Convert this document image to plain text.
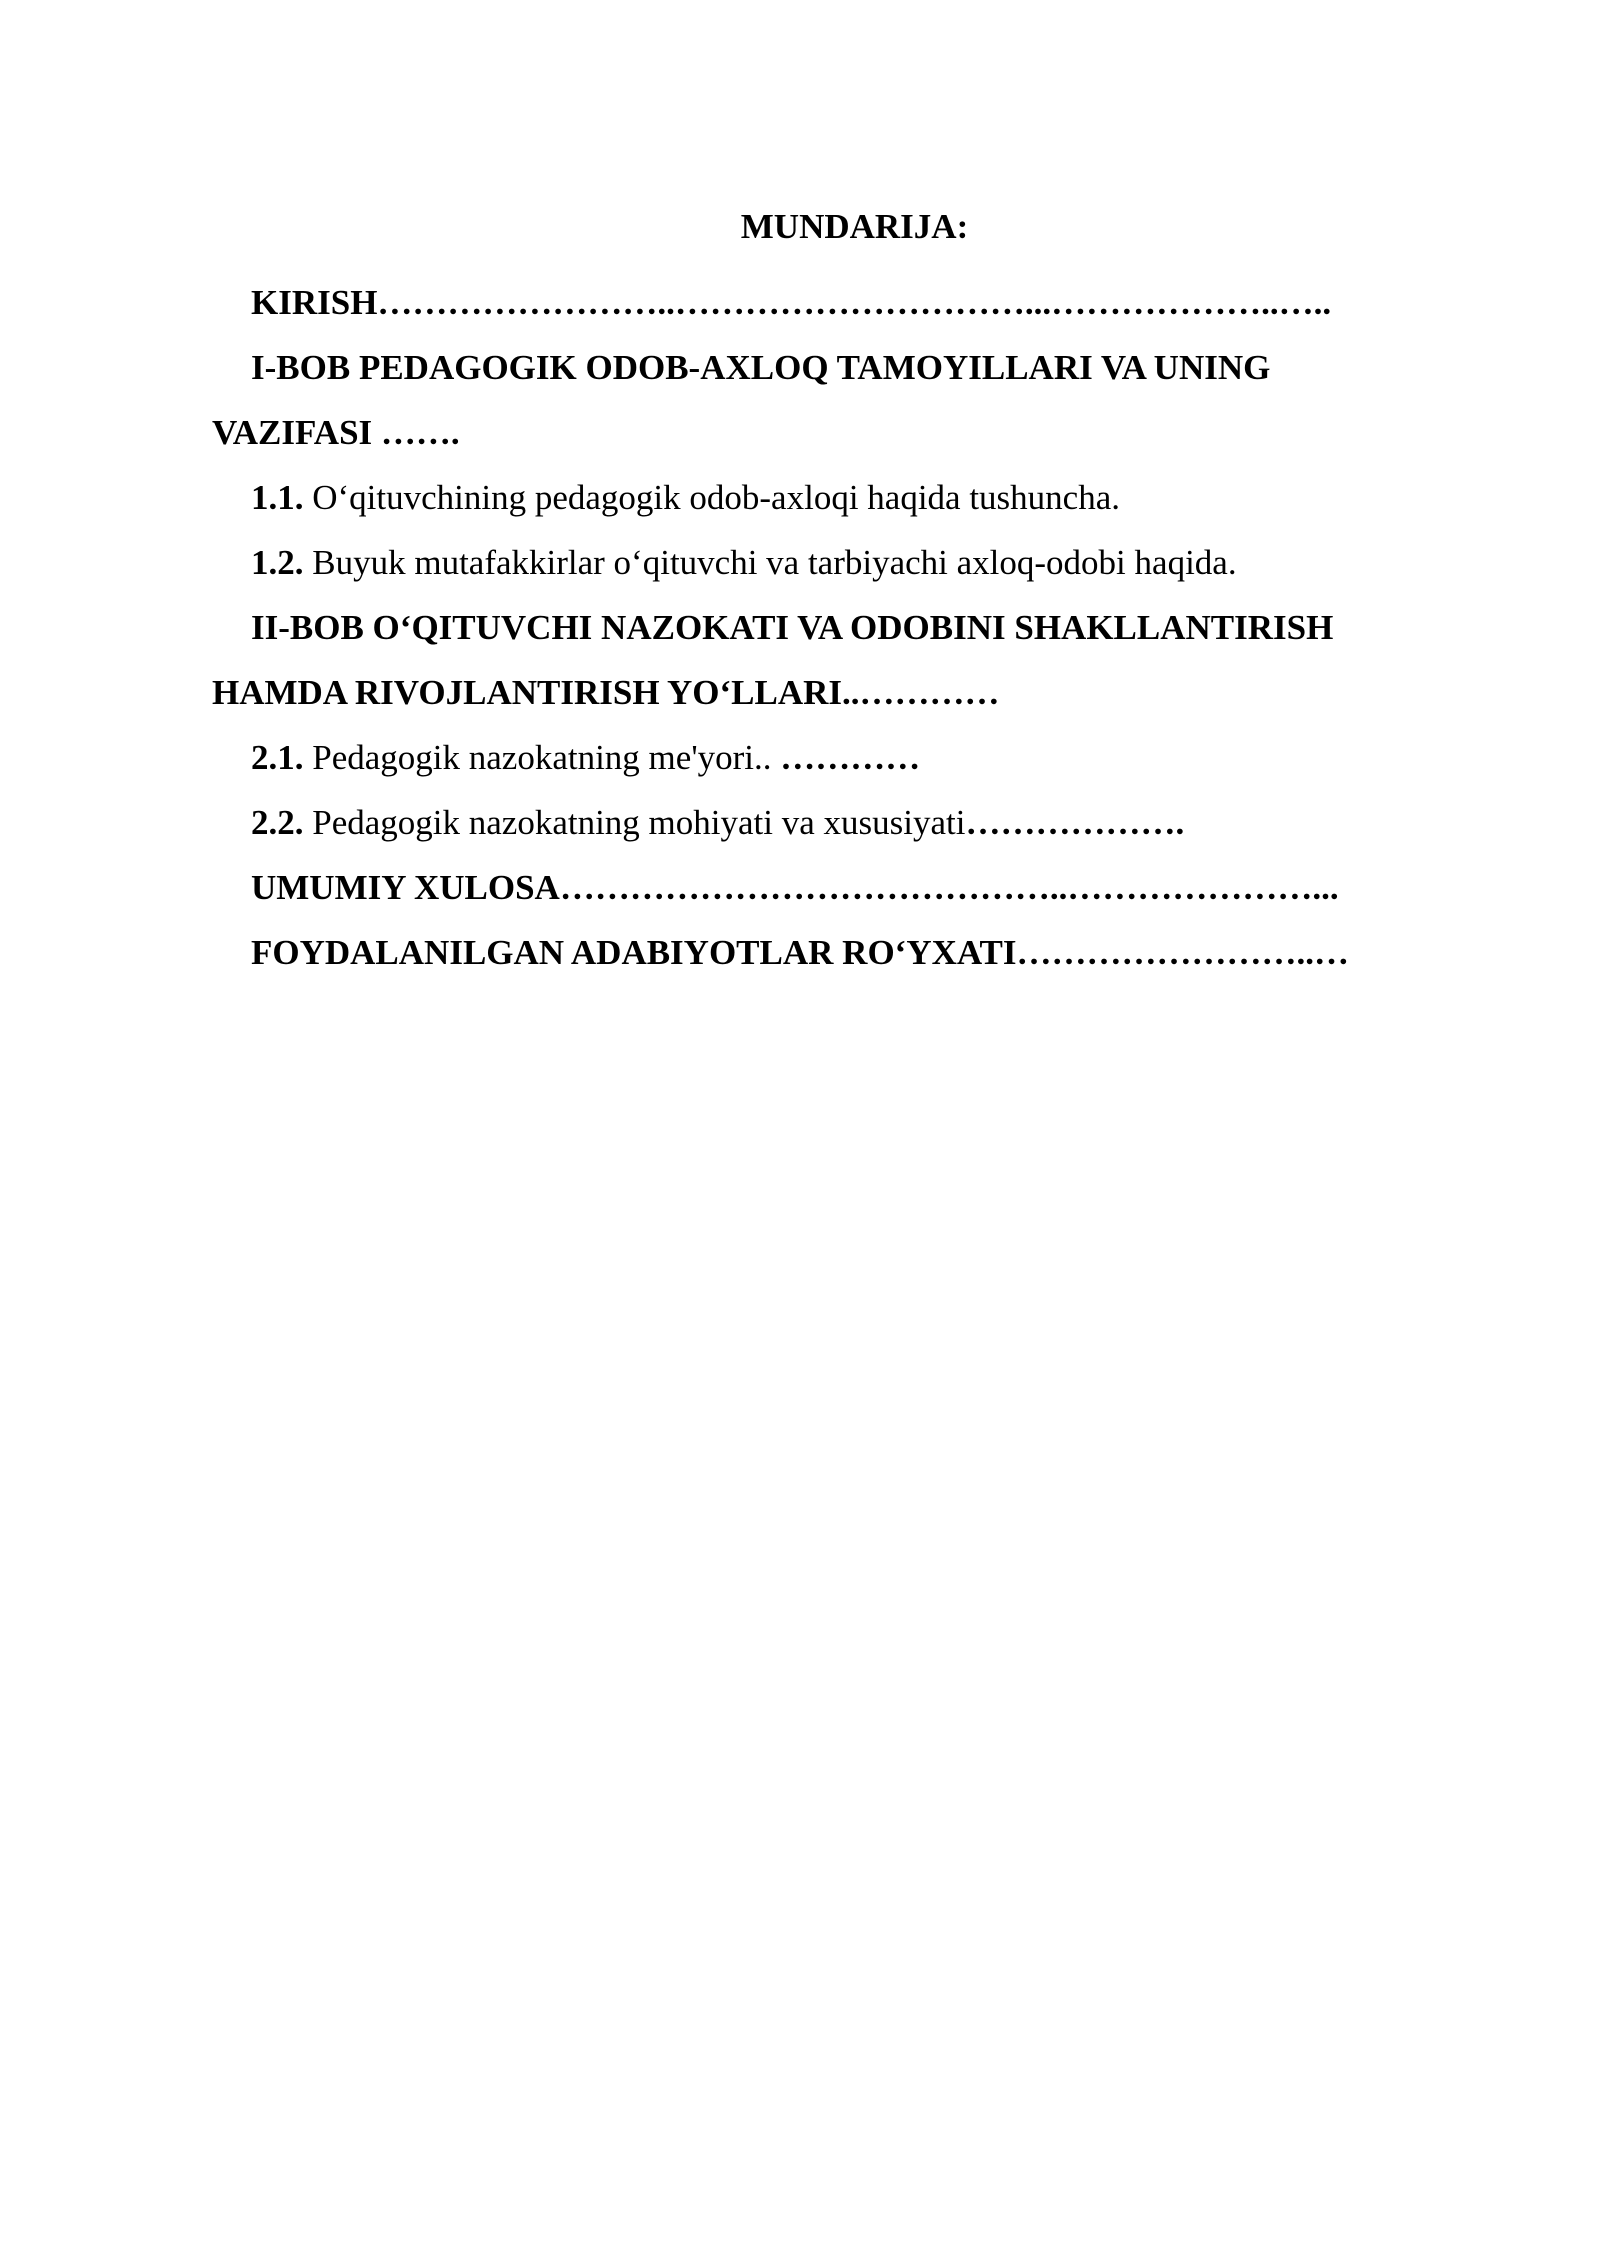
MUNDARIJA:
KIRISH……………………..…………………………...………………..…..
I-BOB PEDAGOGIK ODOB-AXLOQ TAMOYILLARI VA UNING
VAZIFASI …….
1.1. O‘qituvchining pedagogik odob-axloqi haqida tushuncha.
1.2. Buyuk mutafakkirlar o‘qituvchi va tarbiyachi axloq-odobi haqida.
II-BOB O‘QITUVCHI NAZOKATI VA ODOBINI SHAKLLANTIRISH
HAMDA RIVOJLANTIRISH YO‘LLARI..…………
2.1. Pedagogik nazokatning me'yori.. …………
2.2. Pedagogik nazokatning mohiyati va xususiyati……………….
UMUMIY XULOSA……………………………………..…………………...
FOYDALANILGAN ADABIYOTLAR RO‘YXATI……………………..…
